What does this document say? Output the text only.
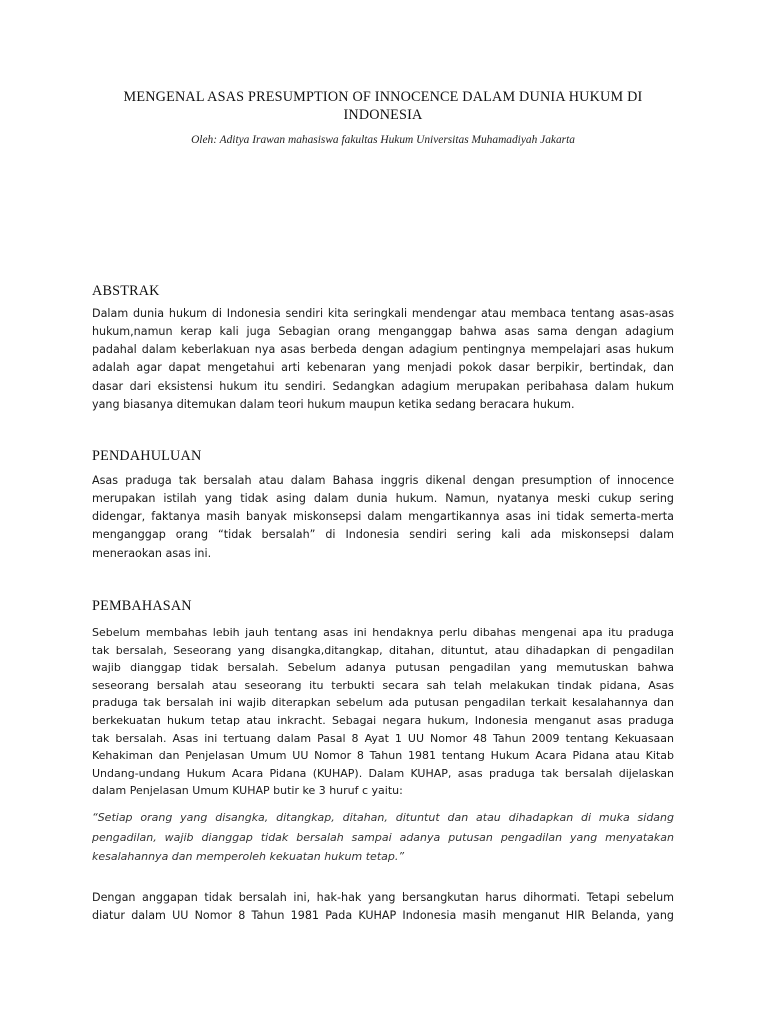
MENGENAL ASAS PRESUMPTION OF INNOCENCE DALAM DUNIA HUKUM DI
INDONESIA
Oleh: Aditya Irawan mahasiswa fakultas Hukum Universitas Muhamadiyah Jakarta
ABSTRAK
Dalam dunia hukum di Indonesia sendiri kita seringkali mendengar atau membaca tentang asas-asas
hukum,namun kerap kali juga Sebagian orang menganggap bahwa asas sama dengan adagium
padahal dalam keberlakuan nya asas berbeda dengan adagium pentingnya mempelajari asas hukum
adalah agar dapat mengetahui arti kebenaran yang menjadi pokok dasar berpikir, bertindak, dan
dasar dari eksistensi hukum itu sendiri. Sedangkan adagium merupakan peribahasa dalam hukum
yang biasanya ditemukan dalam teori hukum maupun ketika sedang beracara hukum.
PENDAHULUAN
Asas praduga tak bersalah atau dalam Bahasa inggris dikenal dengan presumption of innocence
merupakan istilah yang tidak asing dalam dunia hukum. Namun, nyatanya meski cukup sering
didengar, faktanya masih banyak miskonsepsi dalam mengartikannya asas ini tidak semerta-merta
menganggap orang “tidak bersalah” di Indonesia sendiri sering kali ada miskonsepsi dalam
meneraokan asas ini.
PEMBAHASAN
Sebelum membahas lebih jauh tentang asas ini hendaknya perlu dibahas mengenai apa itu praduga
tak bersalah, Seseorang yang disangka,ditangkap, ditahan, dituntut, atau dihadapkan di pengadilan
wajib dianggap tidak bersalah. Sebelum adanya putusan pengadilan yang memutuskan bahwa
seseorang bersalah atau seseorang itu terbukti secara sah telah melakukan tindak pidana, Asas
praduga tak bersalah ini wajib diterapkan sebelum ada putusan pengadilan terkait kesalahannya dan
berkekuatan hukum tetap atau inkracht. Sebagai negara hukum, Indonesia menganut asas praduga
tak bersalah. Asas ini tertuang dalam Pasal 8 Ayat 1 UU Nomor 48 Tahun 2009 tentang Kekuasaan
Kehakiman dan Penjelasan Umum UU Nomor 8 Tahun 1981 tentang Hukum Acara Pidana atau Kitab
Undang-undang Hukum Acara Pidana (KUHAP). Dalam KUHAP, asas praduga tak bersalah dijelaskan
dalam Penjelasan Umum KUHAP butir ke 3 huruf c yaitu:
“Setiap orang yang disangka, ditangkap, ditahan, dituntut dan atau dihadapkan di muka sidang
pengadilan, wajib dianggap tidak bersalah sampai adanya putusan pengadilan yang menyatakan
kesalahannya dan memperoleh kekuatan hukum tetap.”
Dengan anggapan tidak bersalah ini, hak-hak yang bersangkutan harus dihormati. Tetapi sebelum
diatur dalam UU Nomor 8 Tahun 1981 Pada KUHAP Indonesia masih menganut HIR Belanda, yang
